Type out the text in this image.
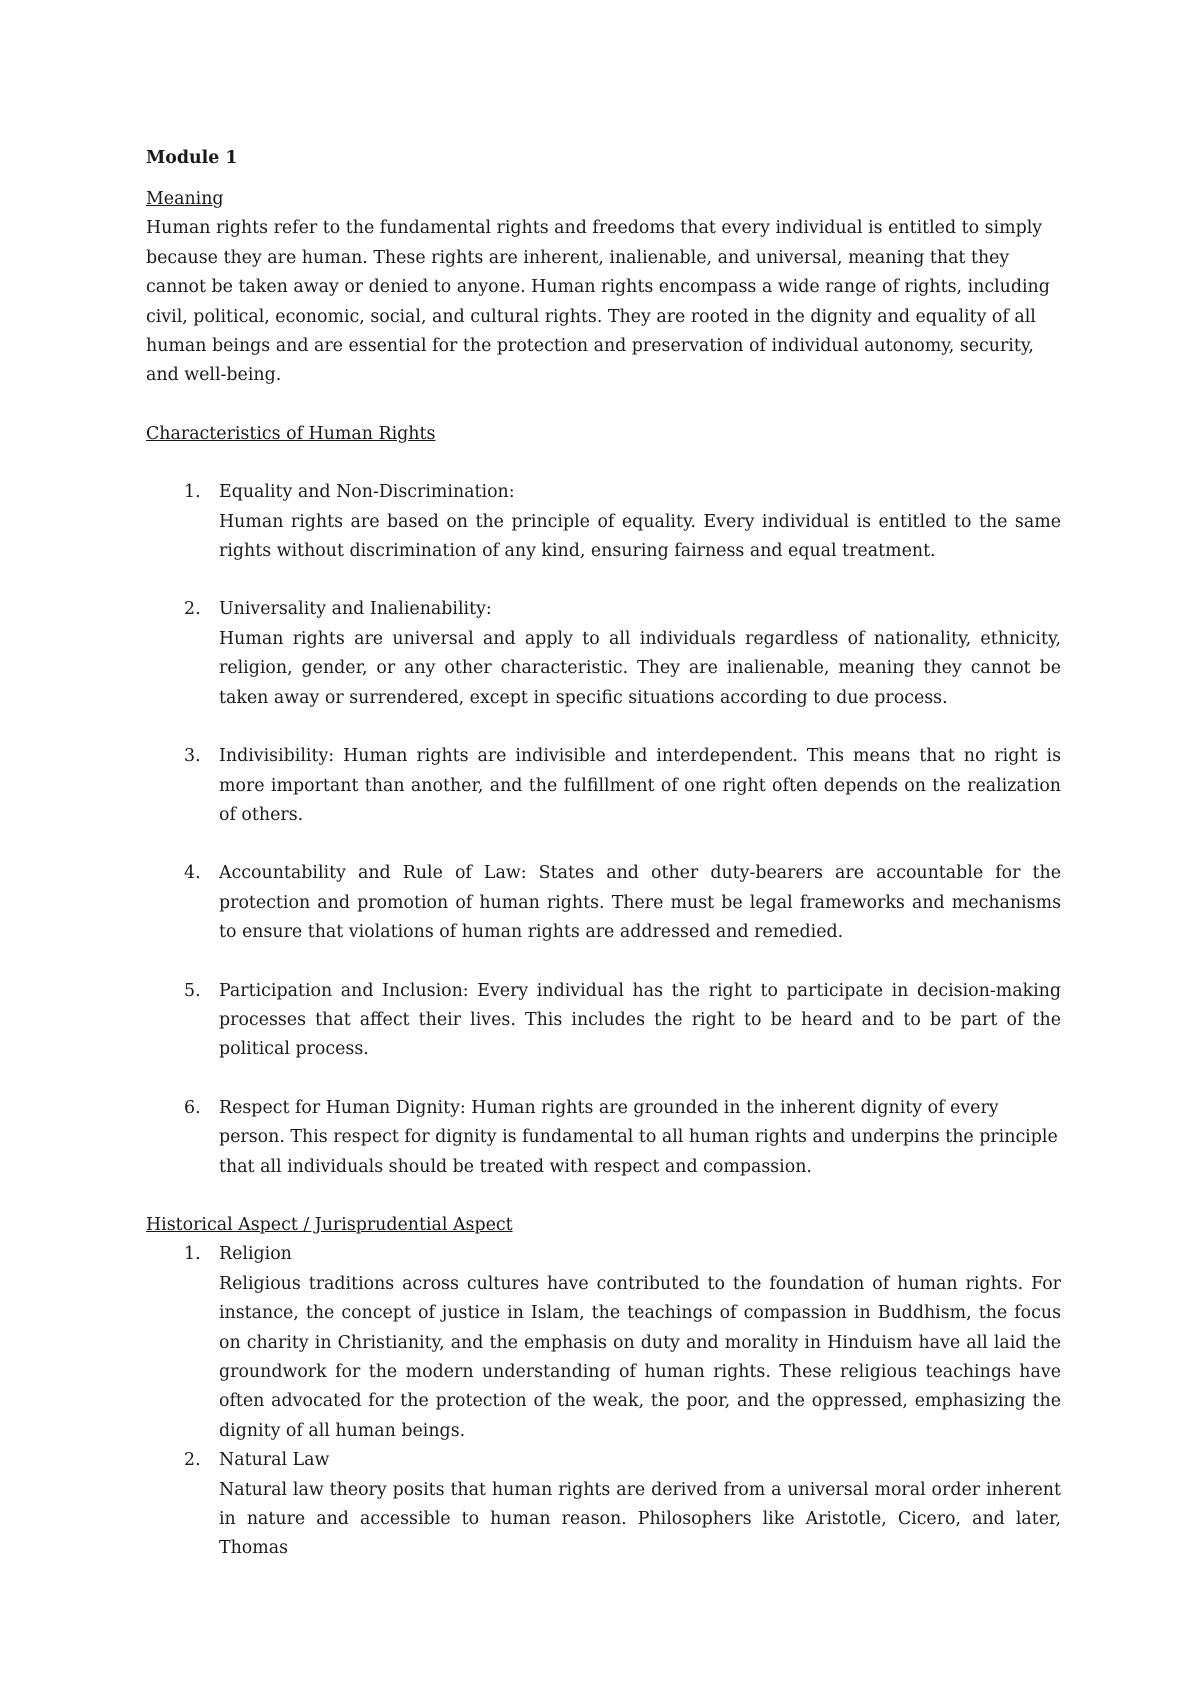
Module 1

Meaning

Human rights refer to the fundamental rights and freedoms that every individual is entitled to simply because they are human. These rights are inherent, inalienable, and universal, meaning that they cannot be taken away or denied to anyone. Human rights encompass a wide range of rights, including civil, political, economic, social, and cultural rights. They are rooted in the dignity and equality of all human beings and are essential for the protection and preservation of individual autonomy, security, and well-being.

Characteristics of Human Rights

1. Equality and Non-Discrimination:
Human rights are based on the principle of equality. Every individual is entitled to the same rights without discrimination of any kind, ensuring fairness and equal treatment.
2. Universality and Inalienability:
Human rights are universal and apply to all individuals regardless of nationality, ethnicity, religion, gender, or any other characteristic. They are inalienable, meaning they cannot be taken away or surrendered, except in specific situations according to due process.
3. Indivisibility: Human rights are indivisible and interdependent. This means that no right is more important than another, and the fulfillment of one right often depends on the realization of others.
4. Accountability and Rule of Law: States and other duty-bearers are accountable for the protection and promotion of human rights. There must be legal frameworks and mechanisms to ensure that violations of human rights are addressed and remedied.
5. Participation and Inclusion: Every individual has the right to participate in decision-making processes that affect their lives. This includes the right to be heard and to be part of the political process.
6. Respect for Human Dignity: Human rights are grounded in the inherent dignity of every person. This respect for dignity is fundamental to all human rights and underpins the principle that all individuals should be treated with respect and compassion.

Historical Aspect / Jurisprudential Aspect

1. Religion
Religious traditions across cultures have contributed to the foundation of human rights. For instance, the concept of justice in Islam, the teachings of compassion in Buddhism, the focus on charity in Christianity, and the emphasis on duty and morality in Hinduism have all laid the groundwork for the modern understanding of human rights. These religious teachings have often advocated for the protection of the weak, the poor, and the oppressed, emphasizing the dignity of all human beings.
2. Natural Law
Natural law theory posits that human rights are derived from a universal moral order inherent in nature and accessible to human reason. Philosophers like Aristotle, Cicero, and later, Thomas
